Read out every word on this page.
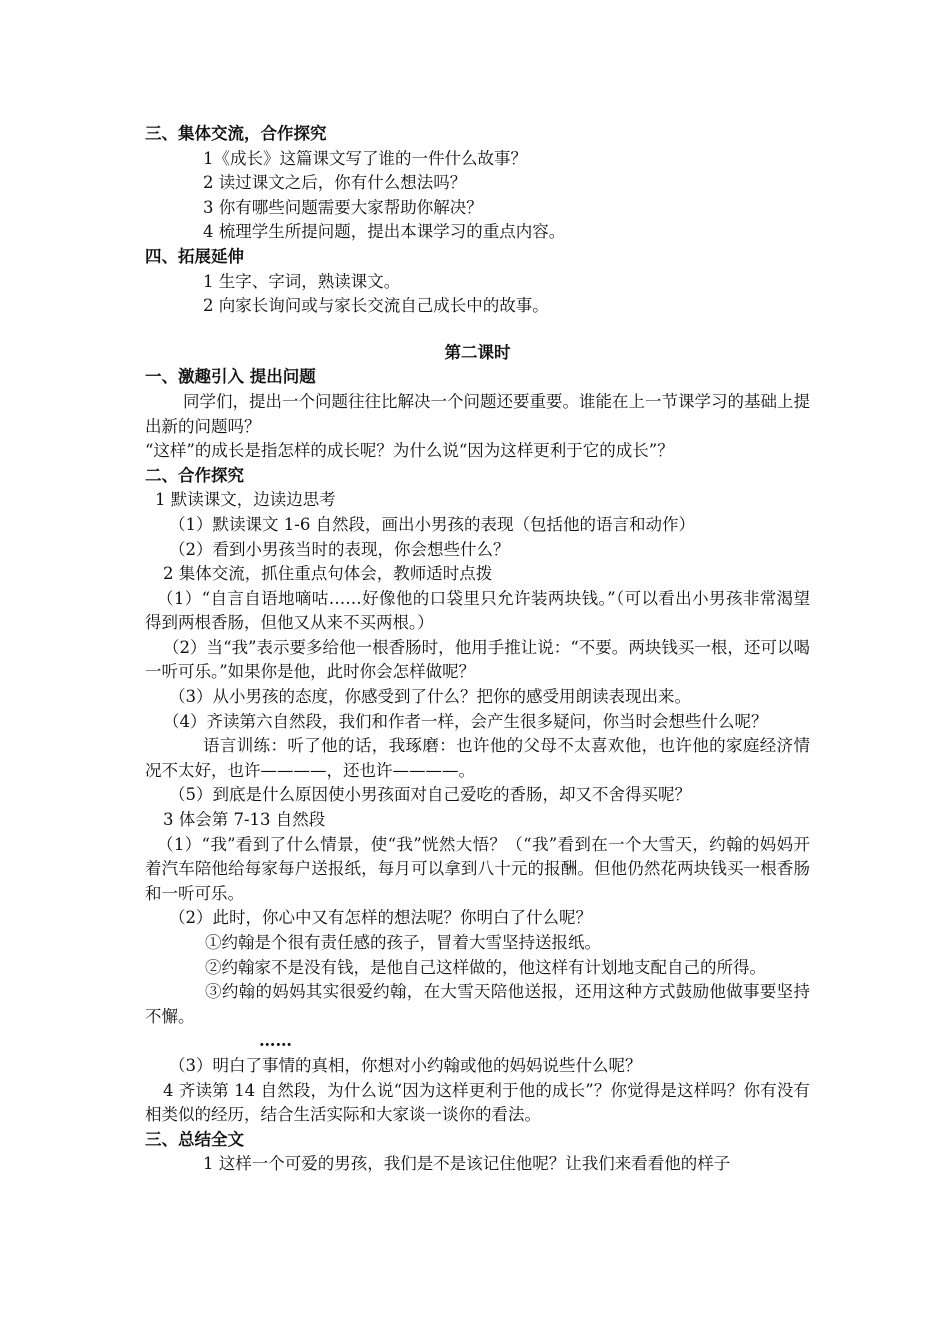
三、集体交流，合作探究
1《成长》这篇课文写了谁的一件什么故事？
2 读过课文之后，你有什么想法吗？
3 你有哪些问题需要大家帮助你解决？
4 梳理学生所提问题，提出本课学习的重点内容。
四、拓展延伸
1 生字、字词，熟读课文。
2 向家长询问或与家长交流自己成长中的故事。
第二课时
一、激趣引入 提出问题
同学们，提出一个问题往往比解决一个问题还要重要。谁能在上一节课学习的基础上提出新的问题吗？
“这样”的成长是指怎样的成长呢？为什么说“因为这样更利于它的成长”？
二、合作探究
1 默读课文，边读边思考
（1）默读课文 1-6 自然段，画出小男孩的表现（包括他的语言和动作）
（2）看到小男孩当时的表现，你会想些什么？
2 集体交流，抓住重点句体会，教师适时点拨
（1）“自言自语地嘀咕……好像他的口袋里只允许装两块钱。”（可以看出小男孩非常渴望得到两根香肠，但他又从来不买两根。）
（2）当“我”表示要多给他一根香肠时，他用手推让说：“不要。两块钱买一根，还可以喝一听可乐。”如果你是他，此时你会怎样做呢？
（3）从小男孩的态度，你感受到了什么？把你的感受用朗读表现出来。
（4）齐读第六自然段，我们和作者一样，会产生很多疑问，你当时会想些什么呢？
语言训练：听了他的话，我琢磨：也许他的父母不太喜欢他，也许他的家庭经济情况不太好，也许————，还也许————。
（5）到底是什么原因使小男孩面对自己爱吃的香肠，却又不舍得买呢？
3 体会第 7-13 自然段
（1）“我”看到了什么情景，使“我”恍然大悟？（“我”看到在一个大雪天，约翰的妈妈开着汽车陪他给每家每户送报纸，每月可以拿到八十元的报酬。但他仍然花两块钱买一根香肠和一听可乐。
（2）此时，你心中又有怎样的想法呢？你明白了什么呢？
①约翰是个很有责任感的孩子，冒着大雪坚持送报纸。
②约翰家不是没有钱，是他自己这样做的，他这样有计划地支配自己的所得。
③约翰的妈妈其实很爱约翰，在大雪天陪他送报，还用这种方式鼓励他做事要坚持不懈。
……
（3）明白了事情的真相，你想对小约翰或他的妈妈说些什么呢？
4 齐读第 14 自然段，为什么说“因为这样更利于他的成长”？你觉得是这样吗？你有没有相类似的经历，结合生活实际和大家谈一谈你的看法。
三、总结全文
1 这样一个可爱的男孩，我们是不是该记住他呢？让我们来看看他的样子
